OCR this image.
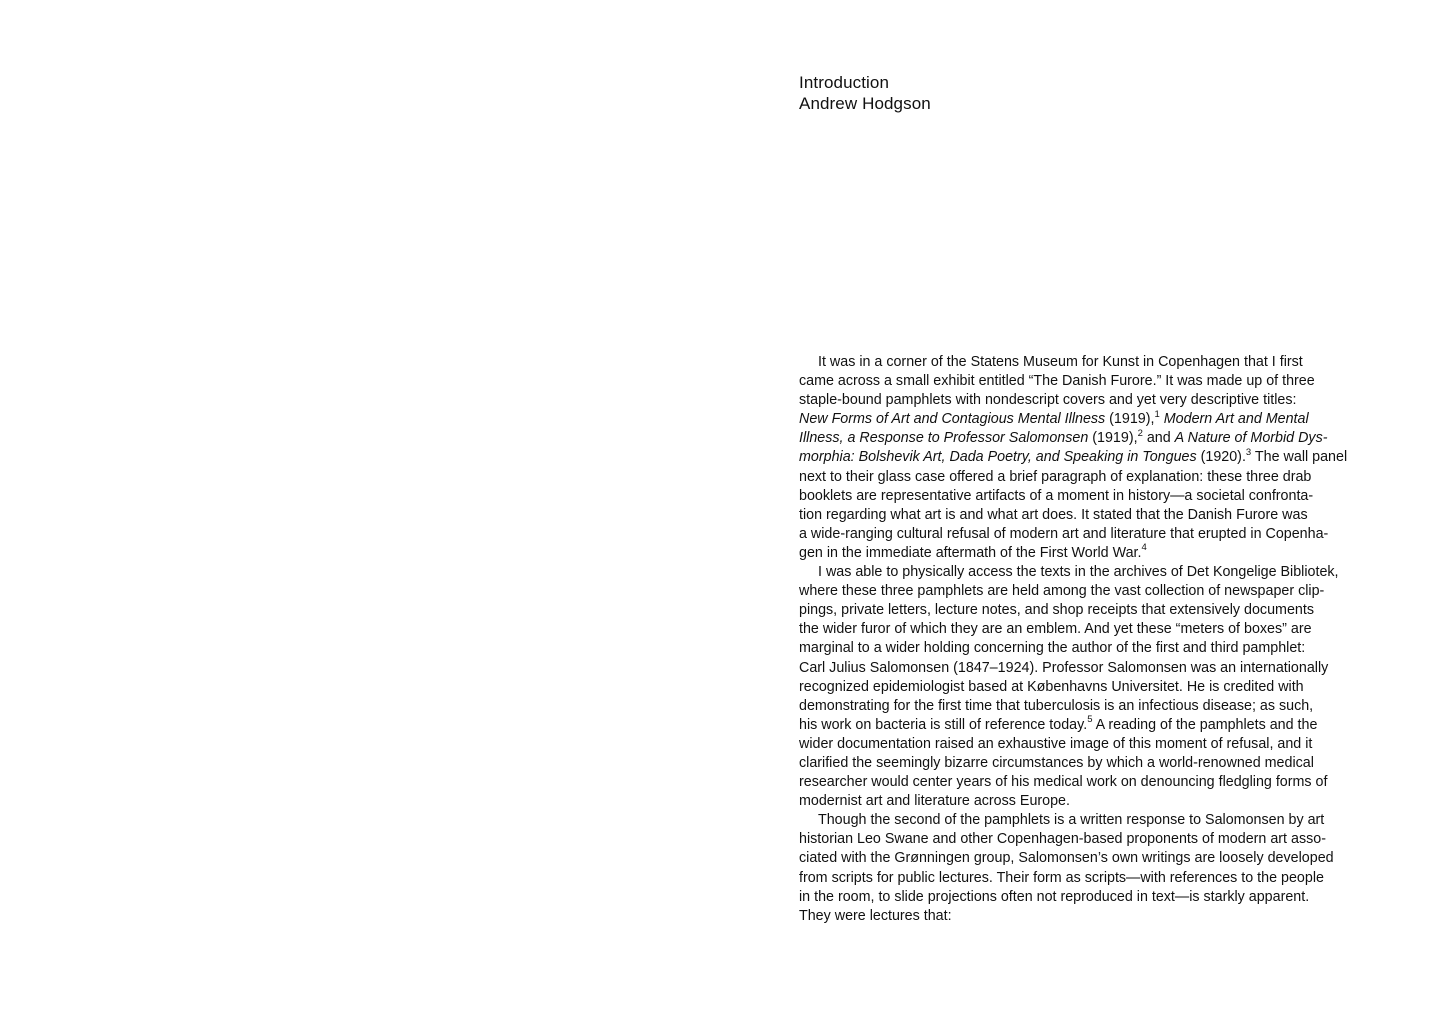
Introduction
Andrew Hodgson
It was in a corner of the Statens Museum for Kunst in Copenhagen that I first
came across a small exhibit entitled “The Danish Furore.” It was made up of three
staple-bound pamphlets with nondescript covers and yet very descriptive titles:
New Forms of Art and Contagious Mental Illness (1919),$^1$ Modern Art and Mental
Illness, a Response to Professor Salomonsen (1919),$^2$ and A Nature of Morbid Dys-
morphia: Bolshevik Art, Dada Poetry, and Speaking in Tongues (1920).$^3$ The wall panel
next to their glass case offered a brief paragraph of explanation: these three drab
booklets are representative artifacts of a moment in history—a societal confronta-
tion regarding what art is and what art does. It stated that the Danish Furore was
a wide-ranging cultural refusal of modern art and literature that erupted in Copenha-
gen in the immediate aftermath of the First World War.$^4$
I was able to physically access the texts in the archives of Det Kongelige Bibliotek,
where these three pamphlets are held among the vast collection of newspaper clip-
pings, private letters, lecture notes, and shop receipts that extensively documents
the wider furor of which they are an emblem. And yet these “meters of boxes” are
marginal to a wider holding concerning the author of the first and third pamphlet:
Carl Julius Salomonsen (1847–1924). Professor Salomonsen was an internationally
recognized epidemiologist based at Københavns Universitet. He is credited with
demonstrating for the first time that tuberculosis is an infectious disease; as such,
his work on bacteria is still of reference today.$^5$ A reading of the pamphlets and the
wider documentation raised an exhaustive image of this moment of refusal, and it
clarified the seemingly bizarre circumstances by which a world-renowned medical
researcher would center years of his medical work on denouncing fledgling forms of
modernist art and literature across Europe.
Though the second of the pamphlets is a written response to Salomonsen by art
historian Leo Swane and other Copenhagen-based proponents of modern art asso-
ciated with the Grønningen group, Salomonsen’s own writings are loosely developed
from scripts for public lectures. Their form as scripts—with references to the people
in the room, to slide projections often not reproduced in text—is starkly apparent.
They were lectures that:
